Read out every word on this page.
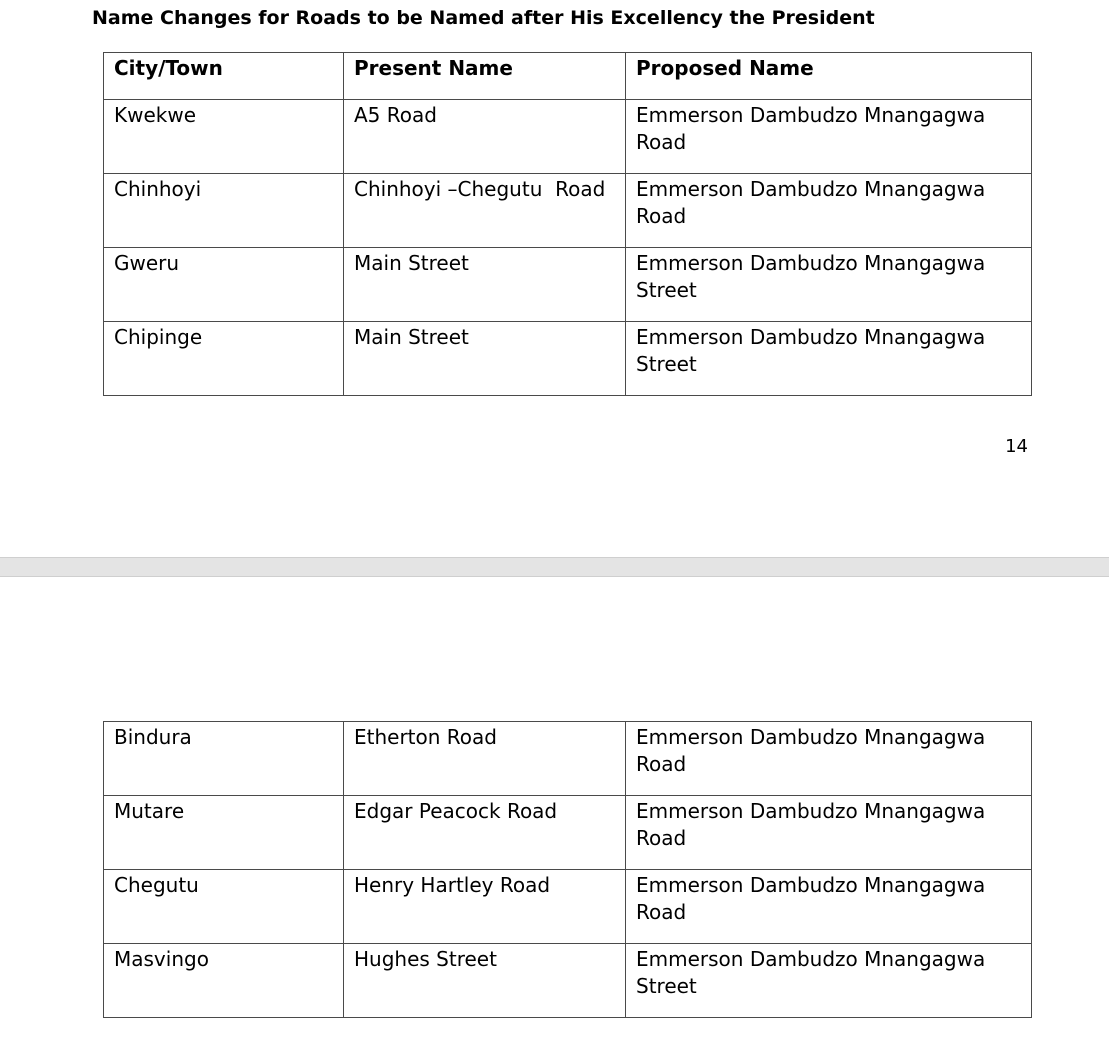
Name Changes for Roads to be Named after His Excellency the President
City/Town	Present Name	Proposed Name
Kwekwe	A5 Road	Emmerson Dambudzo Mnangagwa Road
Chinhoyi	Chinhoyi –Chegutu  Road	Emmerson Dambudzo Mnangagwa Road
Gweru	Main Street	Emmerson Dambudzo Mnangagwa Street
Chipinge	Main Street	Emmerson Dambudzo Mnangagwa Street
14
Bindura	Etherton Road	Emmerson Dambudzo Mnangagwa Road
Mutare	Edgar Peacock Road	Emmerson Dambudzo Mnangagwa Road
Chegutu	Henry Hartley Road	Emmerson Dambudzo Mnangagwa Road
Masvingo	Hughes Street	Emmerson Dambudzo Mnangagwa Street
